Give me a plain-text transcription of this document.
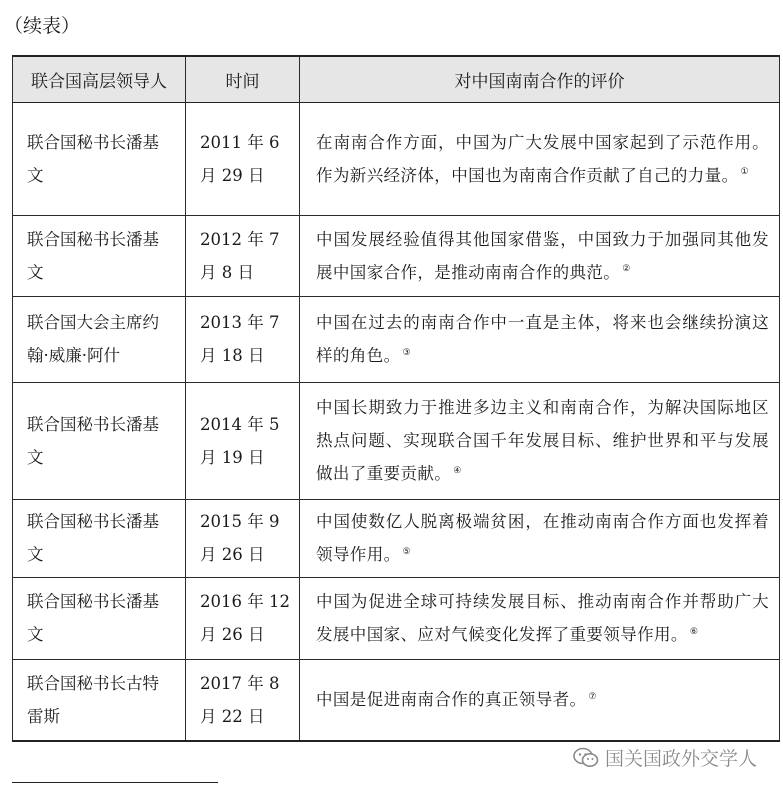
（续表）
联合国高层领导人	时间	对中国南南合作的评价
联合国秘书长潘基文	2011 年 6 月 29 日	在南南合作方面，中国为广大发展中国家起到了示范作用。作为新兴经济体，中国也为南南合作贡献了自己的力量。 ①
联合国秘书长潘基文	2012 年 7 月 8 日	中国发展经验值得其他国家借鉴，中国致力于加强同其他发展中国家合作，是推动南南合作的典范。 ②
联合国大会主席约翰·威廉·阿什	2013 年 7 月 18 日	中国在过去的南南合作中一直是主体，将来也会继续扮演这样的角色。 ③
联合国秘书长潘基文	2014 年 5 月 19 日	中国长期致力于推进多边主义和南南合作，为解决国际地区热点问题、实现联合国千年发展目标、维护世界和平与发展做出了重要贡献。 ④
联合国秘书长潘基文	2015 年 9 月 26 日	中国使数亿人脱离极端贫困，在推动南南合作方面也发挥着领导作用。 ⑤
联合国秘书长潘基文	2016 年 12 月 26 日	中国为促进全球可持续发展目标、推动南南合作并帮助广大发展中国家、应对气候变化发挥了重要领导作用。 ⑥
联合国秘书长古特雷斯	2017 年 8 月 22 日	中国是促进南南合作的真正领导者。 ⑦
国关国政外交学人
